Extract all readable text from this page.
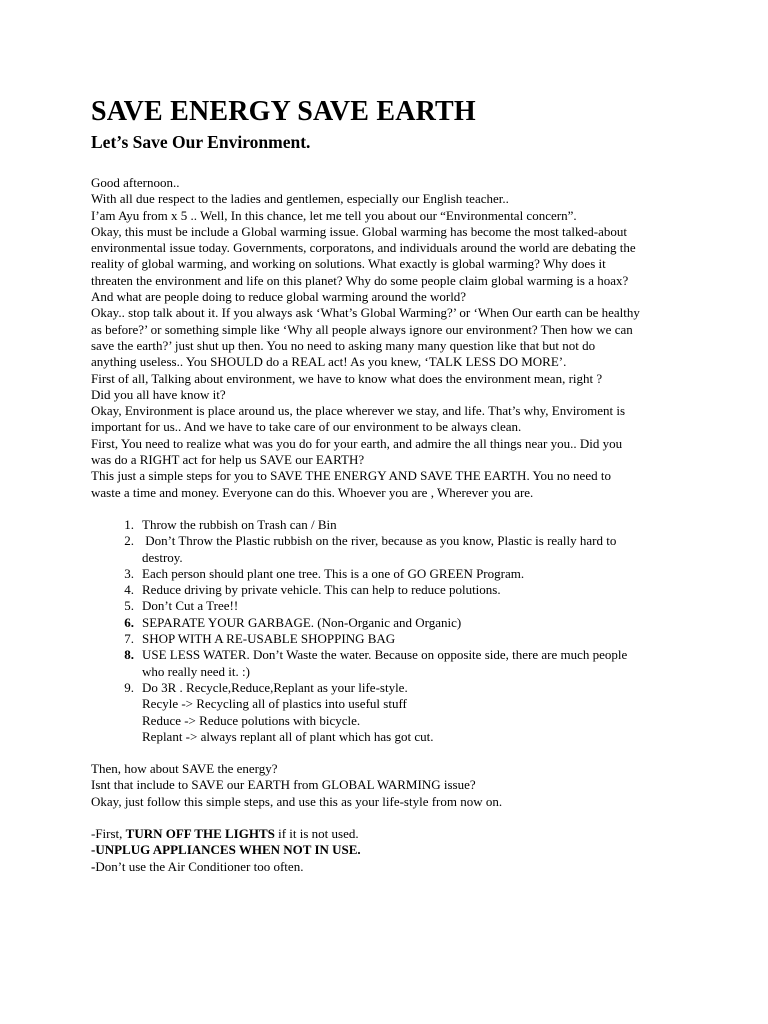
SAVE ENERGY SAVE EARTH
Let’s Save Our Environment.
Good afternoon..
With all due respect to the ladies and gentlemen, especially our English teacher..
I’am Ayu from x 5 .. Well, In this chance, let me tell you about our “Environmental concern”.
Okay, this must be include a Global warming issue. Global warming has become the most talked-about
environmental issue today. Governments, corporatons, and individuals around the world are debating the
reality of global warming, and working on solutions. What exactly is global warming? Why does it
threaten the environment and life on this planet? Why do some people claim global warming is a hoax?
And what are people doing to reduce global warming around the world?
Okay.. stop talk about it. If you always ask ‘What’s Global Warming?’ or ‘When Our earth can be healthy
as before?’ or something simple like ‘Why all people always ignore our environment? Then how we can
save the earth?’ just shut up then. You no need to asking many many question like that but not do
anything useless.. You SHOULD do a REAL act! As you knew, ‘TALK LESS DO MORE’.
First of all, Talking about environment, we have to know what does the environment mean, right ?
Did you all have know it?
Okay, Environment is place around us, the place wherever we stay, and life. That’s why, Enviroment is
important for us.. And we have to take care of our environment to be always clean.
First, You need to realize what was you do for your earth, and admire the all things near you.. Did you
was do a RIGHT act for help us SAVE our EARTH?
This just a simple steps for you to SAVE THE ENERGY AND SAVE THE EARTH. You no need to
waste a time and money. Everyone can do this. Whoever you are , Wherever you are.
1. Throw the rubbish on Trash can / Bin
2. Don’t Throw the Plastic rubbish on the river, because as you know, Plastic is really hard to
destroy.
3. Each person should plant one tree. This is a one of GO GREEN Program.
4. Reduce driving by private vehicle. This can help to reduce polutions.
5. Don’t Cut a Tree!!
6. SEPARATE YOUR GARBAGE. (Non-Organic and Organic)
7. SHOP WITH A RE-USABLE SHOPPING BAG
8. USE LESS WATER. Don’t Waste the water. Because on opposite side, there are much people
who really need it. :)
9. Do 3R . Recycle,Reduce,Replant as your life-style.
Recyle -> Recycling all of plastics into useful stuff
Reduce -> Reduce polutions with bicycle.
Replant -> always replant all of plant which has got cut.
Then, how about SAVE the energy?
Isnt that include to SAVE our EARTH from GLOBAL WARMING issue?
Okay, just follow this simple steps, and use this as your life-style from now on.
-First, TURN OFF THE LIGHTS if it is not used.
-UNPLUG APPLIANCES WHEN NOT IN USE.
-Don’t use the Air Conditioner too often.
